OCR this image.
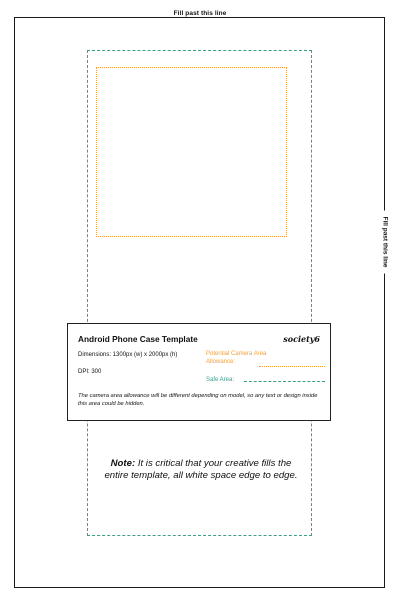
Fill past this line
Fill past this line
Android Phone Case Template	society6
Dimensions: 1300px (w) x 2000px (h)
DPI: 300
Potential Camera Area Allowance:
Safe Area:
The camera area allowance will be different depending on model, so any text or design inside this area could be hidden.
Note: It is critical that your creative fills the entire template, all white space edge to edge.
